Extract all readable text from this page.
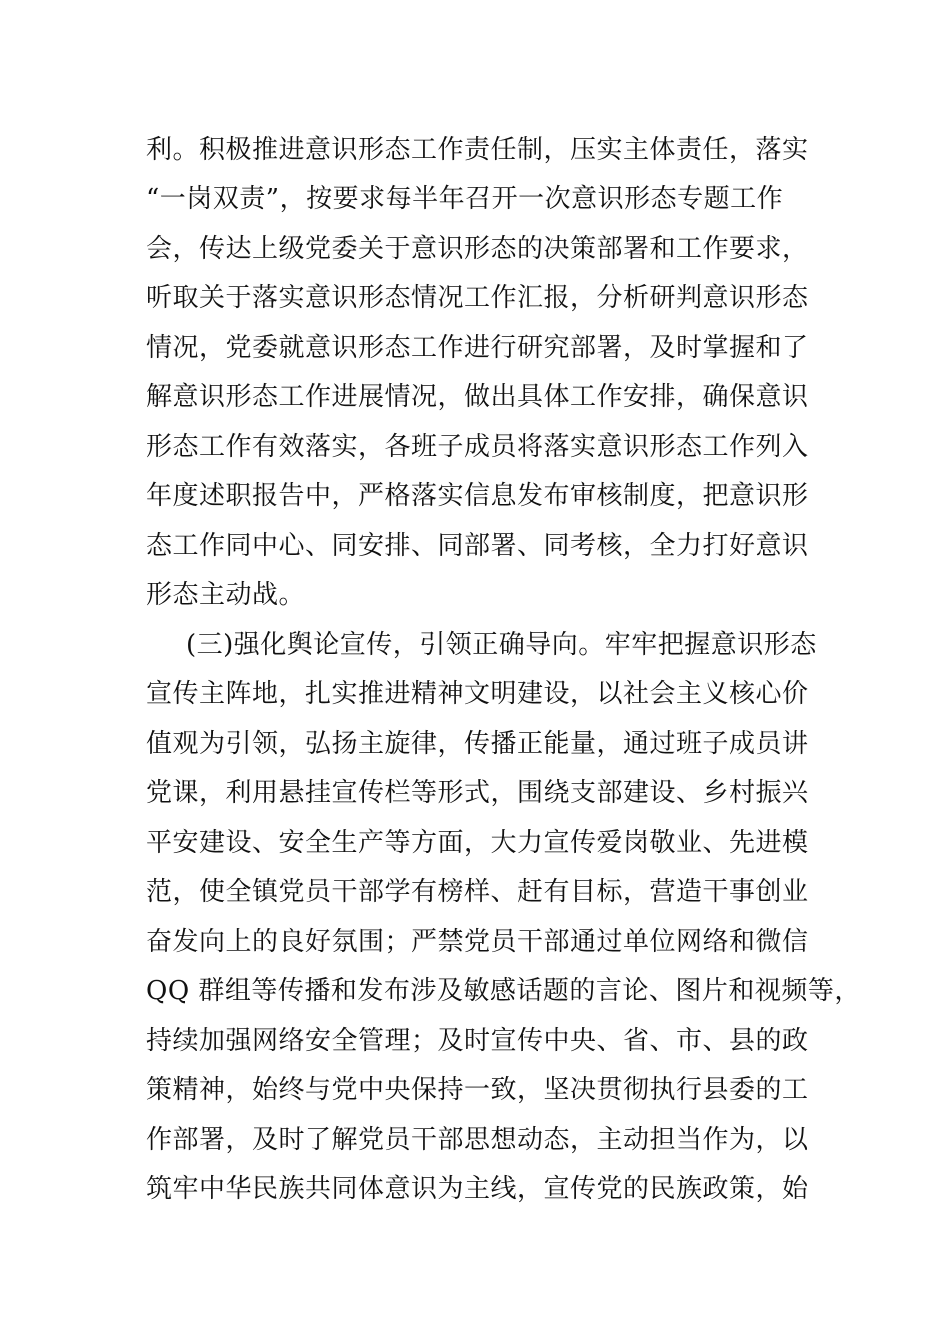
利。积极推进意识形态工作责任制，压实主体责任，落实
“一岗双责”，按要求每半年召开一次意识形态专题工作
会，传达上级党委关于意识形态的决策部署和工作要求，
听取关于落实意识形态情况工作汇报，分析研判意识形态
情况，党委就意识形态工作进行研究部署，及时掌握和了
解意识形态工作进展情况，做出具体工作安排，确保意识
形态工作有效落实，各班子成员将落实意识形态工作列入
年度述职报告中，严格落实信息发布审核制度，把意识形
态工作同中心、同安排、同部署、同考核，全力打好意识
形态主动战。
(三)强化舆论宣传，引领正确导向。牢牢把握意识形态
宣传主阵地，扎实推进精神文明建设，以社会主义核心价
值观为引领，弘扬主旋律，传播正能量，通过班子成员讲
党课，利用悬挂宣传栏等形式，围绕支部建设、乡村振兴
平安建设、安全生产等方面，大力宣传爱岗敬业、先进模
范，使全镇党员干部学有榜样、赶有目标，营造干事创业
奋发向上的良好氛围；严禁党员干部通过单位网络和微信
QQ 群组等传播和发布涉及敏感话题的言论、图片和视频等，
持续加强网络安全管理；及时宣传中央、省、市、县的政
策精神，始终与党中央保持一致，坚决贯彻执行县委的工
作部署，及时了解党员干部思想动态，主动担当作为，以
筑牢中华民族共同体意识为主线，宣传党的民族政策，始
